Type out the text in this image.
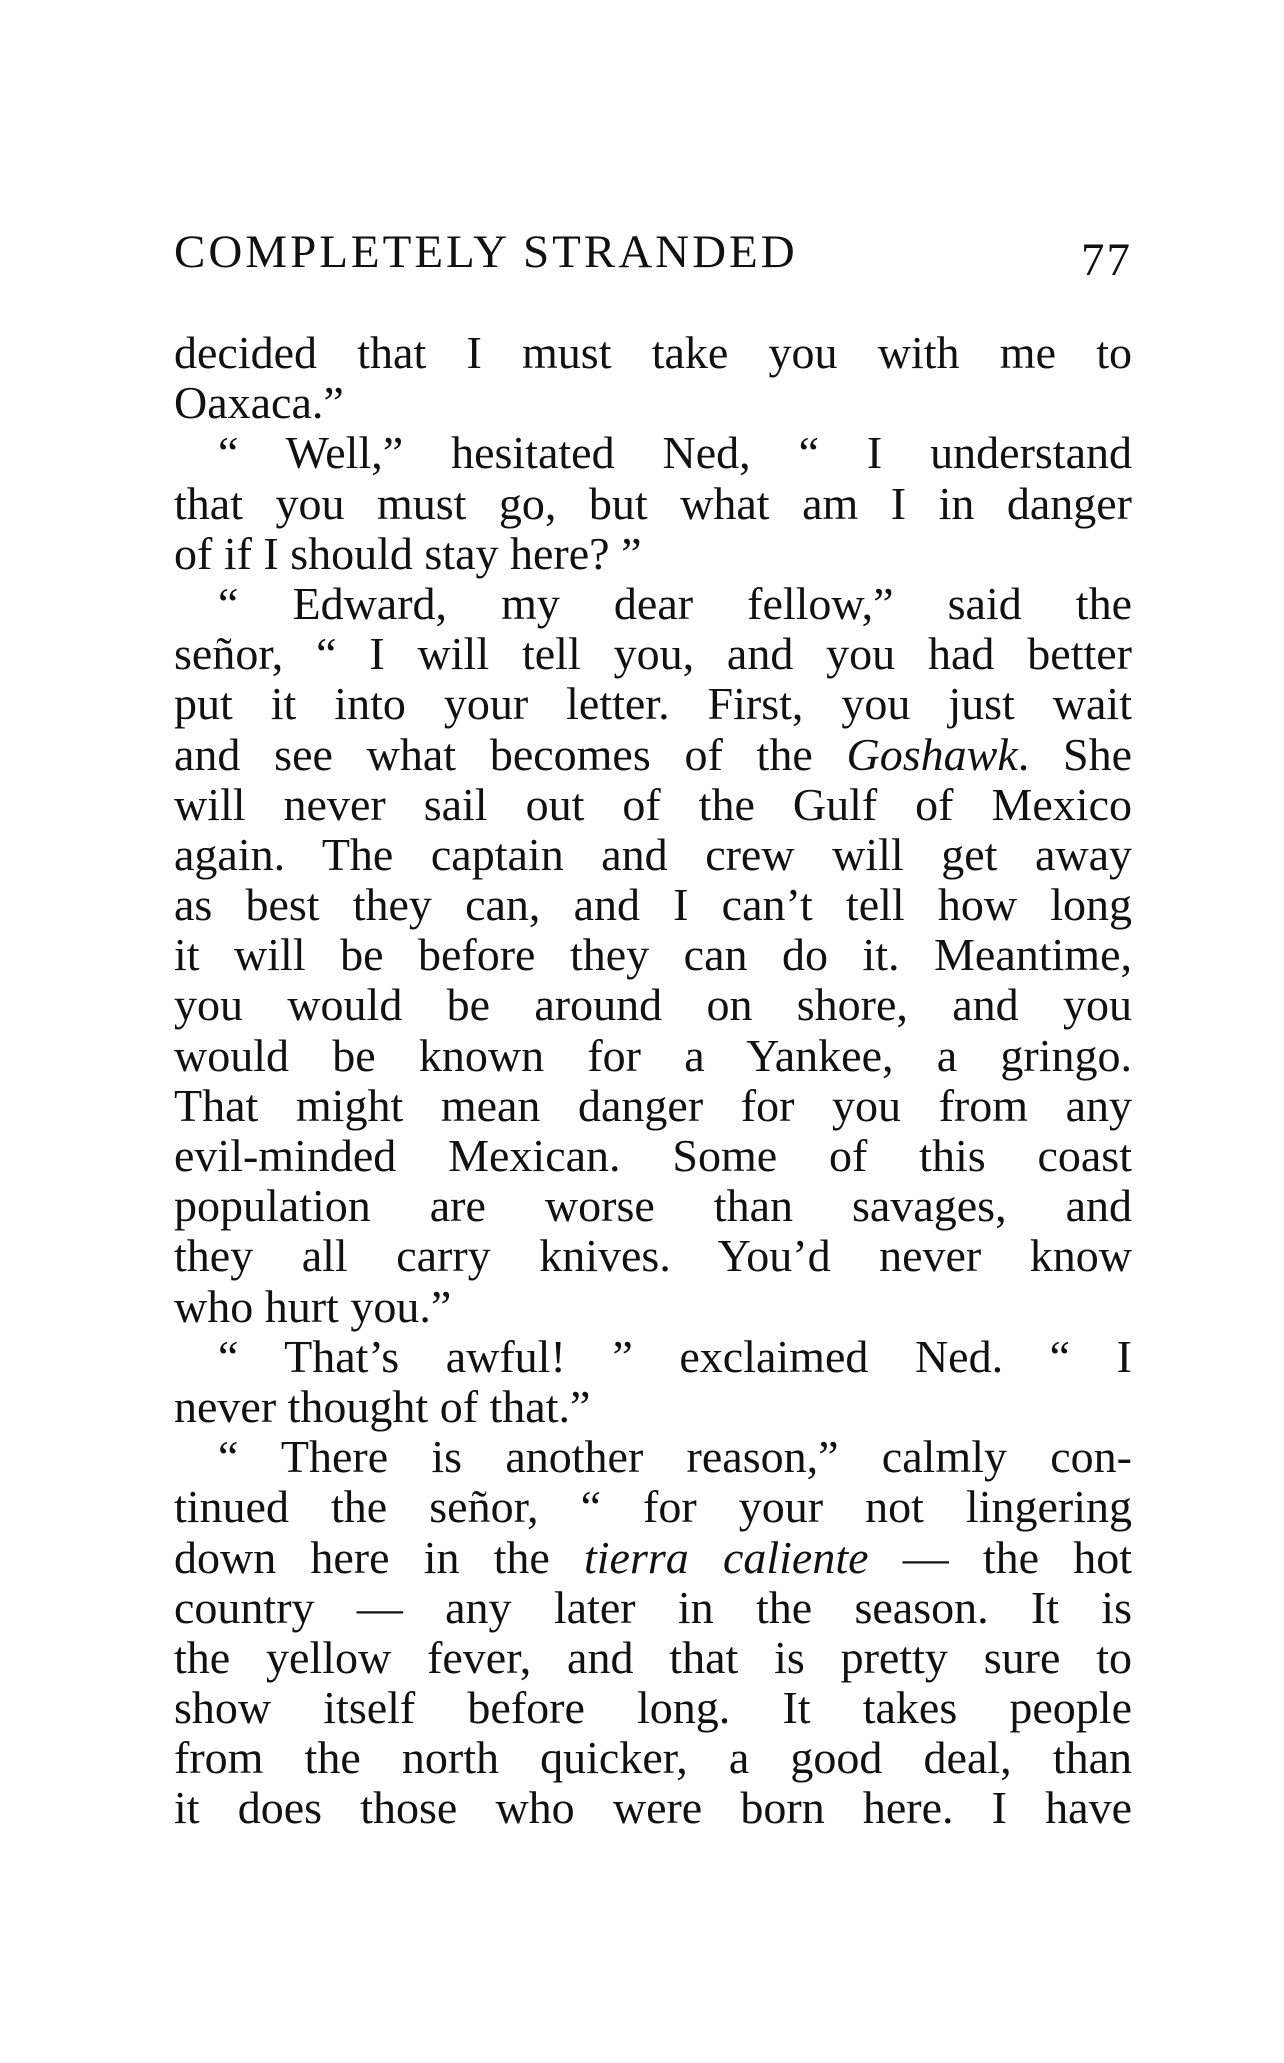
COMPLETELY STRANDED	77
decided that I must take you with me to
Oaxaca.”
“ Well,” hesitated Ned, “ I understand
that you must go, but what am I in danger
of if I should stay here? ”
“ Edward, my dear fellow,” said the
señor, “ I will tell you, and you had better
put it into your letter. First, you just wait
and see what becomes of the Goshawk. She
will never sail out of the Gulf of Mexico
again. The captain and crew will get away
as best they can, and I can’t tell how long
it will be before they can do it. Meantime,
you would be around on shore, and you
would be known for a Yankee, a gringo.
That might mean danger for you from any
evil-minded Mexican. Some of this coast
population are worse than savages, and
they all carry knives. You’d never know
who hurt you.”
“ That’s awful! ” exclaimed Ned. “ I
never thought of that.”
“ There is another reason,” calmly con-
tinued the señor, “ for your not lingering
down here in the tierra caliente — the hot
country — any later in the season. It is
the yellow fever, and that is pretty sure to
show itself before long. It takes people
from the north quicker, a good deal, than
it does those who were born here. I have
